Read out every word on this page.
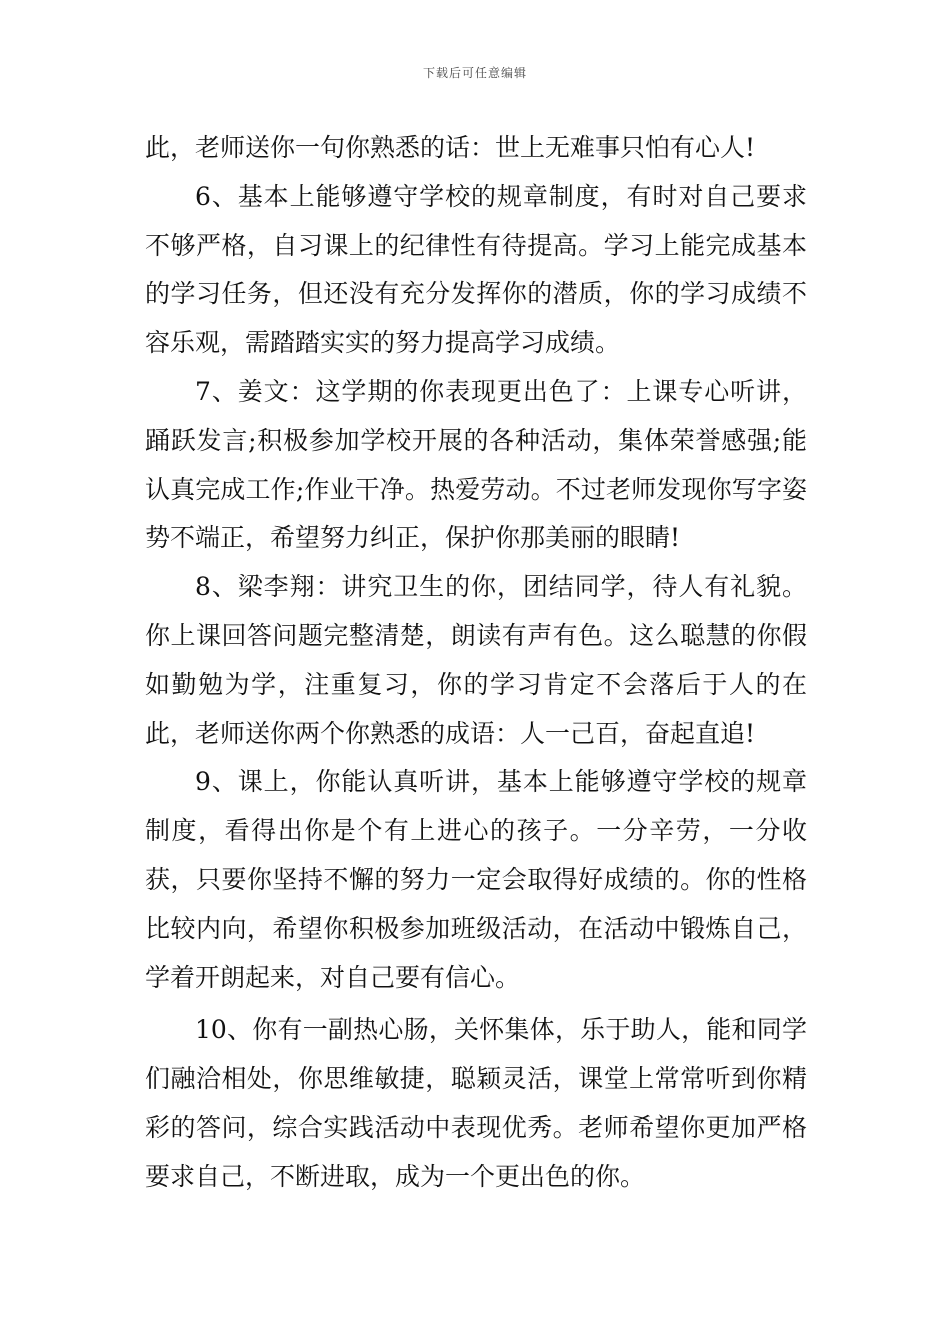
下载后可任意编辑

此，老师送你一句你熟悉的话：世上无难事只怕有心人!

6、基本上能够遵守学校的规章制度，有时对自己要求不够严格，自习课上的纪律性有待提高。学习上能完成基本的学习任务，但还没有充分发挥你的潜质，你的学习成绩不容乐观，需踏踏实实的努力提高学习成绩。

7、姜文：这学期的你表现更出色了：上课专心听讲，踊跃发言;积极参加学校开展的各种活动，集体荣誉感强;能认真完成工作;作业干净。热爱劳动。不过老师发现你写字姿势不端正，希望努力纠正，保护你那美丽的眼睛!

8、梁李翔：讲究卫生的你，团结同学，待人有礼貌。你上课回答问题完整清楚，朗读有声有色。这么聪慧的你假如勤勉为学，注重复习，你的学习肯定不会落后于人的在此，老师送你两个你熟悉的成语：人一己百，奋起直追!

9、课上，你能认真听讲，基本上能够遵守学校的规章制度，看得出你是个有上进心的孩子。一分辛劳，一分收获，只要你坚持不懈的努力一定会取得好成绩的。你的性格比较内向，希望你积极参加班级活动，在活动中锻炼自己，学着开朗起来，对自己要有信心。

10、你有一副热心肠，关怀集体，乐于助人，能和同学们融洽相处，你思维敏捷，聪颖灵活，课堂上常常听到你精彩的答问，综合实践活动中表现优秀。老师希望你更加严格要求自己，不断进取，成为一个更出色的你。
